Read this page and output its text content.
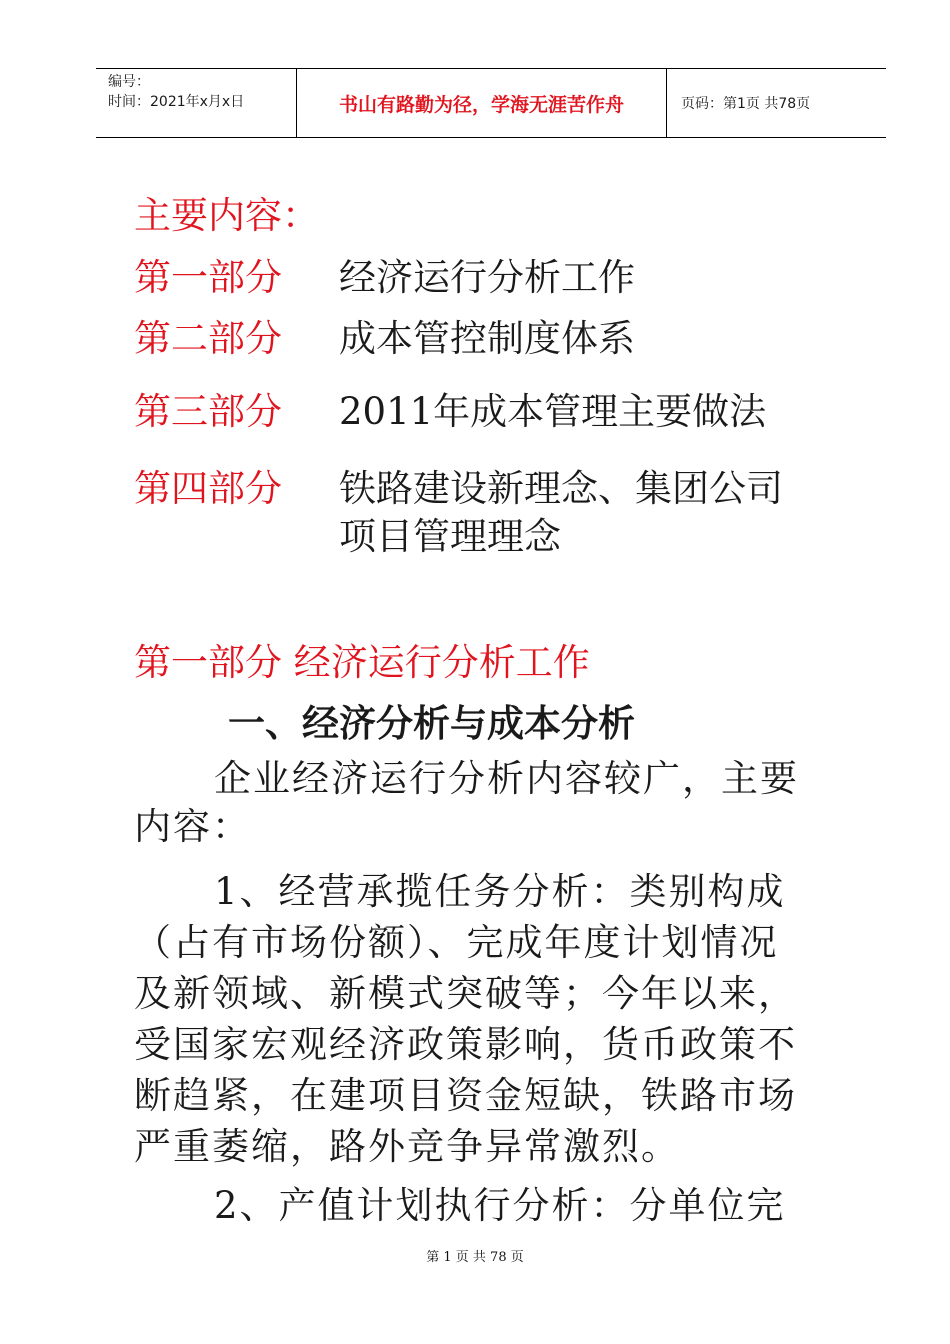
编号：
时间：2021年x月x日	书山有路勤为径，学海无涯苦作舟	页码：第1页 共78页
主要内容：
第一部分 经济运行分析工作
第二部分 成本管控制度体系
第三部分 2011年成本管理主要做法
第四部分 铁路建设新理念、集团公司
项目管理理念
第一部分 经济运行分析工作
一、经济分析与成本分析
企业经济运行分析内容较广，主要
内容：
1、经营承揽任务分析：类别构成
（占有市场份额）、完成年度计划情况
及新领域、新模式突破等；今年以来，
受国家宏观经济政策影响，货币政策不
断趋紧，在建项目资金短缺，铁路市场
严重萎缩，路外竞争异常激烈。
2、产值计划执行分析：分单位完
第 1 页 共 78 页
